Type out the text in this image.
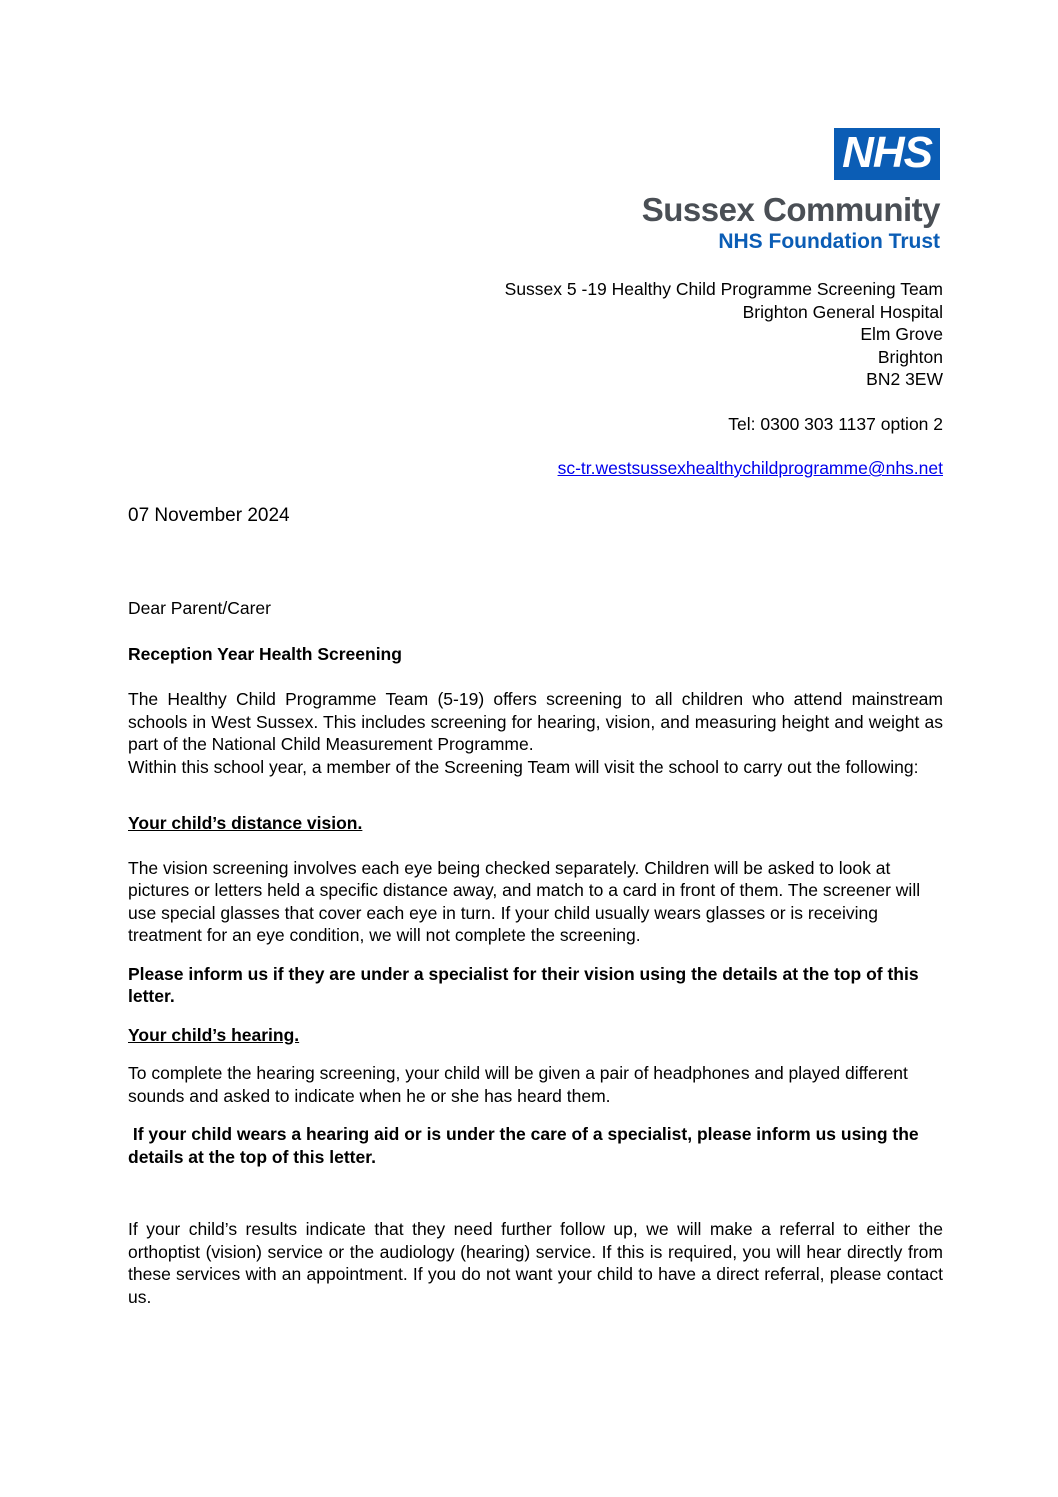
NHS
Sussex Community
NHS Foundation Trust
Sussex 5 -19 Healthy Child Programme Screening Team
Brighton General Hospital
Elm Grove
Brighton
BN2 3EW
Tel: 0300 303 1137 option 2
sc-tr.westsussexhealthychildprogramme@nhs.net
07 November 2024

Dear Parent/Carer

Reception Year Health Screening

The Healthy Child Programme Team (5-19) offers screening to all children who attend mainstream schools in West Sussex. This includes screening for hearing, vision, and measuring height and weight as part of the National Child Measurement Programme.

Within this school year, a member of the Screening Team will visit the school to carry out the following:

Your child’s distance vision.

The vision screening involves each eye being checked separately. Children will be asked to look at pictures or letters held a specific distance away, and match to a card in front of them. The screener will use special glasses that cover each eye in turn. If your child usually wears glasses or is receiving treatment for an eye condition, we will not complete the screening.

Please inform us if they are under a specialist for their vision using the details at the top of this letter.

Your child’s hearing.

To complete the hearing screening, your child will be given a pair of headphones and played different sounds and asked to indicate when he or she has heard them.

If your child wears a hearing aid or is under the care of a specialist, please inform us using the details at the top of this letter.

If your child’s results indicate that they need further follow up, we will make a referral to either the orthoptist (vision) service or the audiology (hearing) service. If this is required, you will hear directly from these services with an appointment. If you do not want your child to have a direct referral, please contact us.
